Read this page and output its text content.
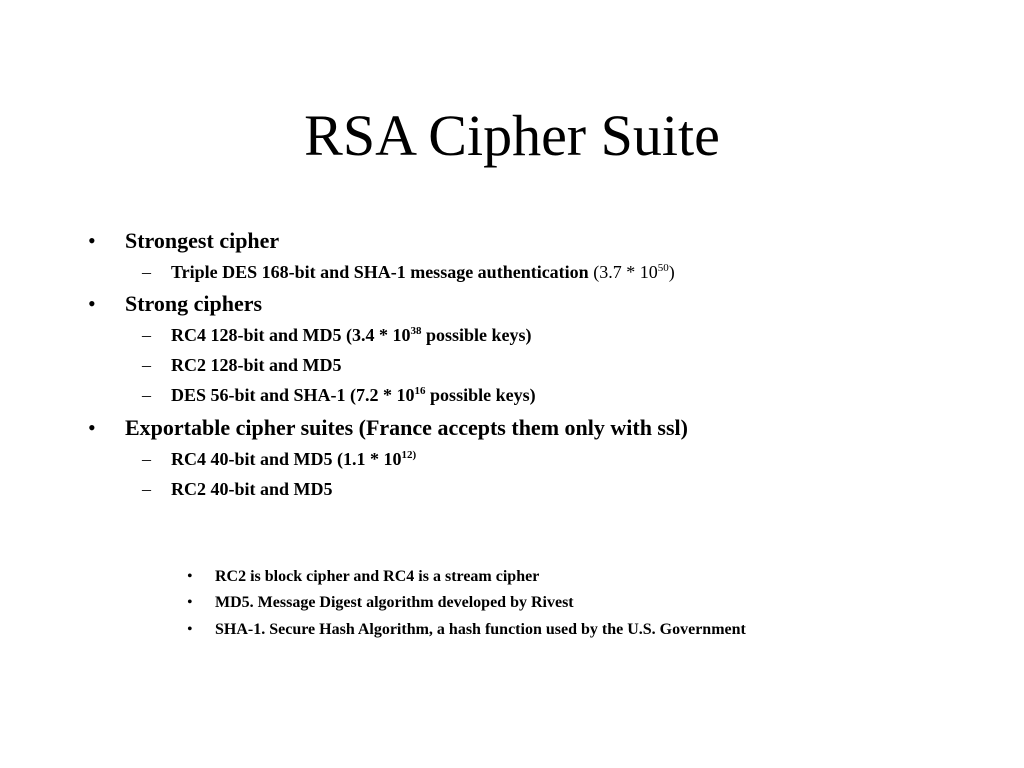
RSA Cipher Suite
• Strongest cipher
– Triple DES 168-bit and SHA-1 message authentication $(3.7 * 10^{50})$
• Strong ciphers
– RC4 128-bit and MD5 ($3.4 * 10^{38}$ possible keys)
– RC2 128-bit and MD5
– DES 56-bit and SHA-1 ($7.2 * 10^{16}$ possible keys)
• Exportable cipher suites (France accepts them only with ssl)
– RC4 40-bit and MD5 (1.1 * 10$^{12)}$
– RC2 40-bit and MD5
• RC2 is block cipher and RC4 is a stream cipher
• MD5. Message Digest algorithm developed by Rivest
• SHA-1. Secure Hash Algorithm, a hash function used by the U.S. Government
